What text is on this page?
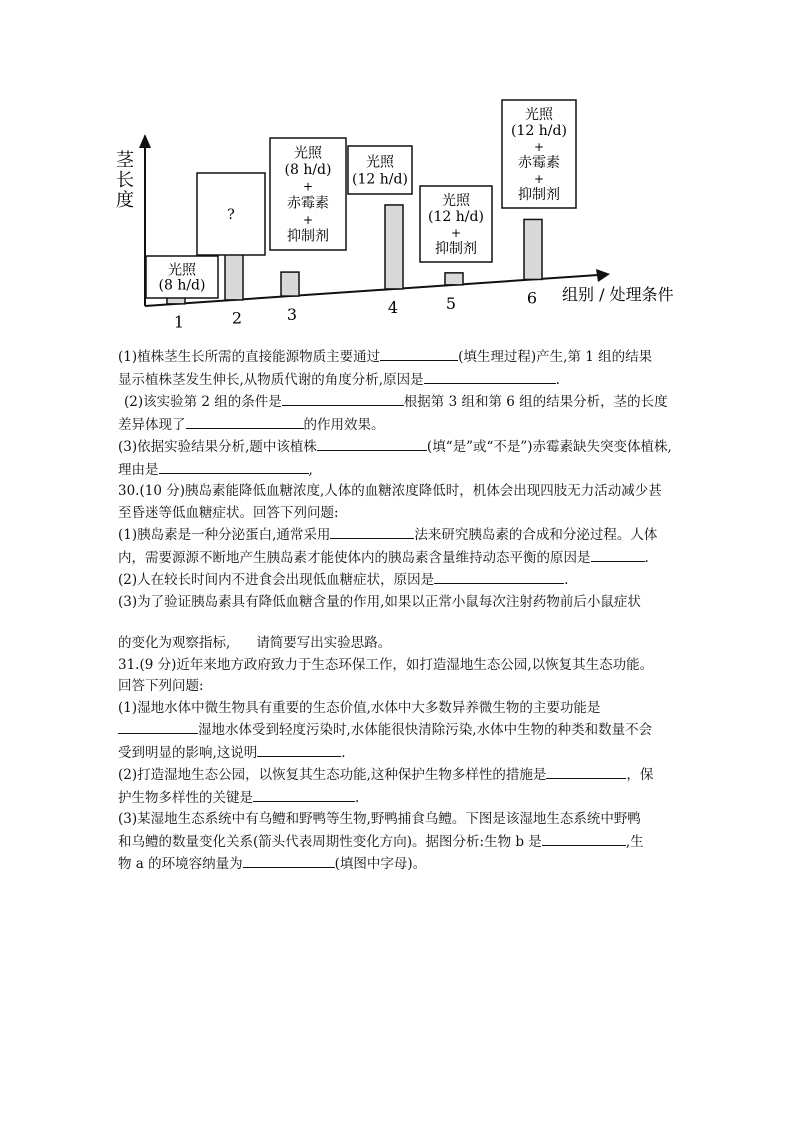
茎
长
度
组别 / 处理条件
光照
(8 h/d)
1
?
2
光照
(8 h/d)
+
赤霉素
+
抑制剂
3
光照
(12 h/d)
4
光照
(12 h/d)
+
抑制剂
5
光照
(12 h/d)
+
赤霉素
+
抑制剂
6
(1)植株茎生长所需的直接能源物质主要通过	(填生理过程)产生,第 1 组的结果
显示植株茎发生伸长,从物质代谢的角度分析,原因是	.
(2)该实验第 2 组的条件是	根据第 3 组和第 6 组的结果分析，茎的长度
差异体现了	的作用效果。
(3)依据实验结果分析,题中该植株	(填“是”或“不是”)赤霉素缺失突变体植株,
理由是	,
30.(10 分)胰岛素能降低血糖浓度,人体的血糖浓度降低时，机体会出现四肢无力活动减少甚
至昏迷等低血糖症状。回答下列问题:
(1)胰岛素是一种分泌蛋白,通常采用	法来研究胰岛素的合成和分泌过程。人体
内，需要源源不断地产生胰岛素才能使体内的胰岛素含量维持动态平衡的原因是	.
(2)人在较长时间内不进食会出现低血糖症状，原因是	.
(3)为了验证胰岛素具有降低血糖含量的作用,如果以正常小鼠每次注射药物前后小鼠症状
的变化为观察指标, 请简要写出实验思路。
31.(9 分)近年来地方政府致力于生态环保工作，如打造湿地生态公园,以恢复其生态功能。
回答下列问题:
(1)湿地水体中微生物具有重要的生态价值,水体中大多数异养微生物的主要功能是
湿地水体受到轻度污染时,水体能很快清除污染,水体中生物的种类和数量不会
受到明显的影响,这说明	.
(2)打造湿地生态公园，以恢复其生态功能,这种保护生物多样性的措施是	，保
护生物多样性的关键是	.
(3)某湿地生态系统中有乌鳢和野鸭等生物,野鸭捕食乌鳢。下图是该湿地生态系统中野鸭
和乌鳢的数量变化关系(箭头代表周期性变化方向)。据图分析:生物 b 是	,生
物 a 的环境容纳量为	(填图中字母)。
